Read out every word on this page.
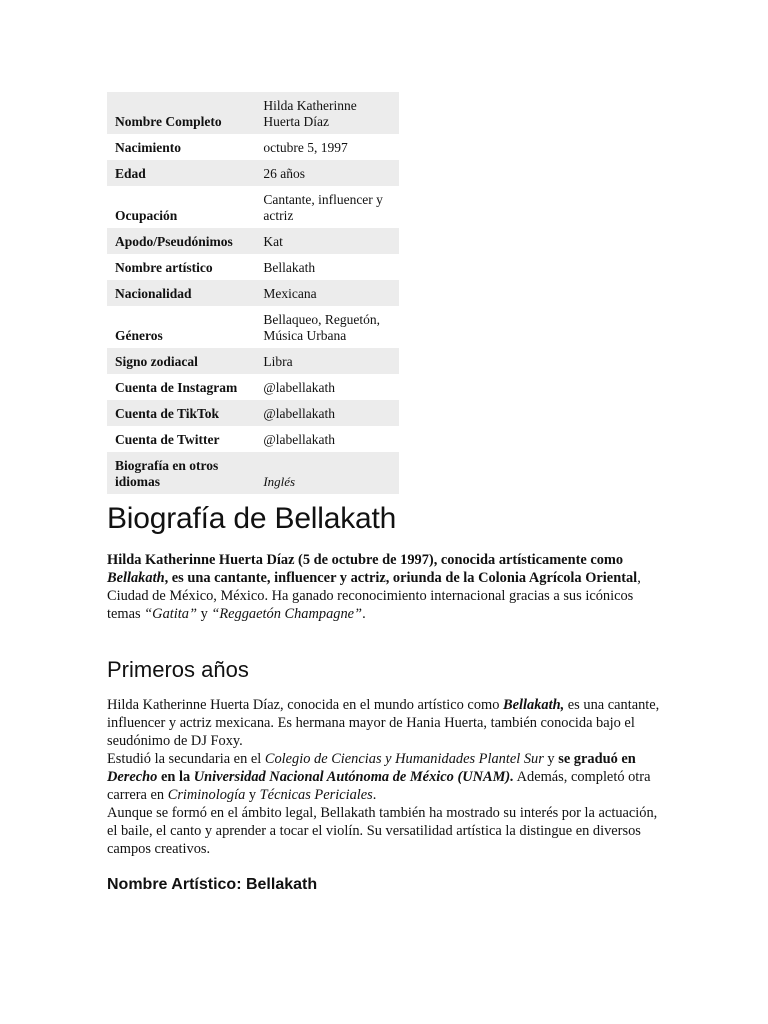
Nombre Completo	Hilda Katherinne Huerta Díaz
Nacimiento	octubre 5, 1997
Edad	26 años
Ocupación	Cantante, influencer y actriz
Apodo/Pseudónimos	Kat
Nombre artístico	Bellakath
Nacionalidad	Mexicana
Géneros	Bellaqueo, Reguetón, Música Urbana
Signo zodiacal	Libra
Cuenta de Instagram	@labellakath
Cuenta de TikTok	@labellakath
Cuenta de Twitter	@labellakath
Biografía en otros idiomas	Inglés
Biografía de Bellakath

Hilda Katherinne Huerta Díaz (5 de octubre de 1997), conocida artísticamente como Bellakath, es una cantante, influencer y actriz, oriunda de la Colonia Agrícola Oriental, Ciudad de México, México. Ha ganado reconocimiento internacional gracias a sus icónicos temas “Gatita” y “Reggaetón Champagne”.

Primeros años
Hilda Katherinne Huerta Díaz, conocida en el mundo artístico como Bellakath, es una cantante, influencer y actriz mexicana. Es hermana mayor de Hania Huerta, también conocida bajo el seudónimo de DJ Foxy.
Estudió la secundaria en el Colegio de Ciencias y Humanidades Plantel Sur y se graduó en Derecho en la Universidad Nacional Autónoma de México (UNAM). Además, completó otra carrera en Criminología y Técnicas Periciales.
Aunque se formó en el ámbito legal, Bellakath también ha mostrado su interés por la actuación, el baile, el canto y aprender a tocar el violín. Su versatilidad artística la distingue en diversos campos creativos.
Nombre Artístico: Bellakath
